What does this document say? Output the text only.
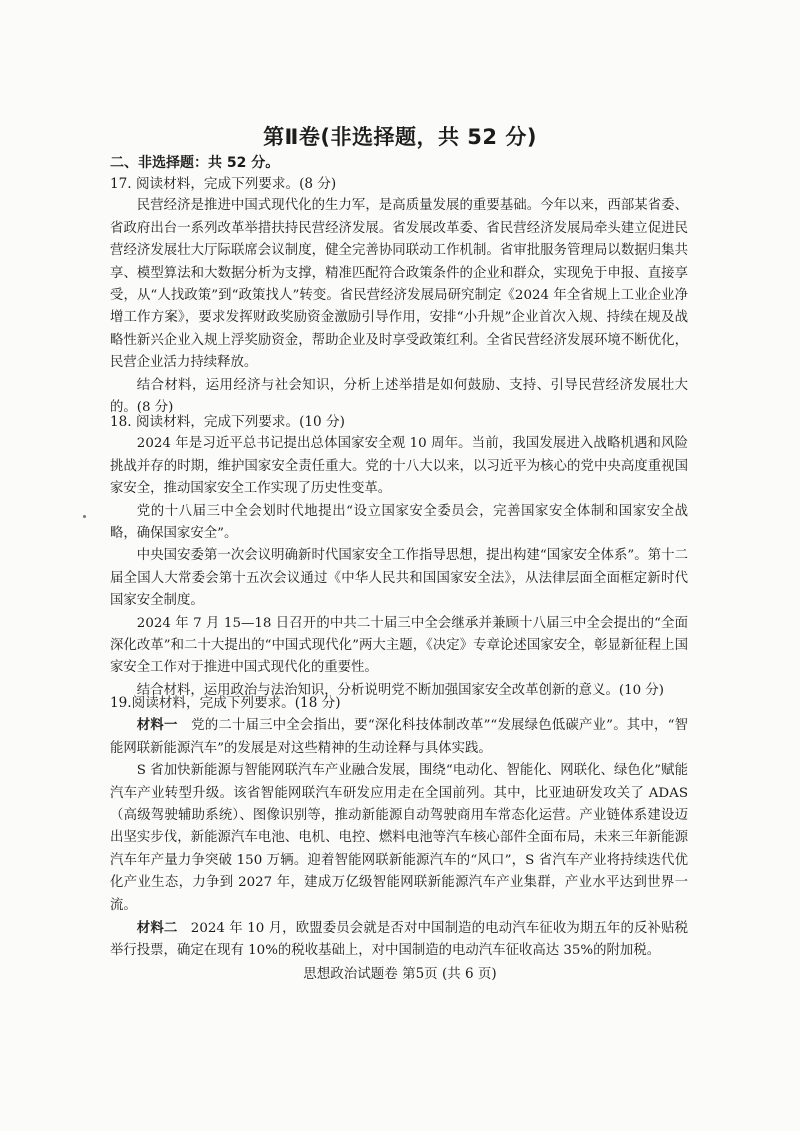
第Ⅱ卷(非选择题，共 52 分)
二、非选择题：共 52 分。

17. 阅读材料，完成下列要求。(8 分)

民营经济是推进中国式现代化的生力军，是高质量发展的重要基础。今年以来，西部某省委、省政府出台一系列改革举措扶持民营经济发展。省发展改革委、省民营经济发展局牵头建立促进民营经济发展壮大厅际联席会议制度，健全完善协同联动工作机制。省审批服务管理局以数据归集共享、模型算法和大数据分析为支撑，精准匹配符合政策条件的企业和群众，实现免于申报、直接享受，从“人找政策”到“政策找人”转变。省民营经济发展局研究制定《2024 年全省规上工业企业净增工作方案》，要求发挥财政奖励资金激励引导作用，安排“小升规”企业首次入规、持续在规及战略性新兴企业入规上浮奖励资金，帮助企业及时享受政策红利。全省民营经济发展环境不断优化，民营企业活力持续释放。

结合材料，运用经济与社会知识，分析上述举措是如何鼓励、支持、引导民营经济发展壮大的。(8 分)

18. 阅读材料，完成下列要求。(10 分)

2024 年是习近平总书记提出总体国家安全观 10 周年。当前，我国发展进入战略机遇和风险挑战并存的时期，维护国家安全责任重大。党的十八大以来，以习近平为核心的党中央高度重视国家安全，推动国家安全工作实现了历史性变革。

党的十八届三中全会划时代地提出“设立国家安全委员会，完善国家安全体制和国家安全战略，确保国家安全”。

中央国安委第一次会议明确新时代国家安全工作指导思想，提出构建“国家安全体系”。第十二届全国人大常委会第十五次会议通过《中华人民共和国国家安全法》，从法律层面全面框定新时代国家安全制度。

2024 年 7 月 15—18 日召开的中共二十届三中全会继承并兼顾十八届三中全会提出的“全面深化改革”和二十大提出的“中国式现代化”两大主题，《决定》专章论述国家安全，彰显新征程上国家安全工作对于推进中国式现代化的重要性。

结合材料，运用政治与法治知识，分析说明党不断加强国家安全改革创新的意义。(10 分)

19.阅读材料，完成下列要求。(18 分)

材料一  党的二十届三中全会指出，要“深化科技体制改革”“发展绿色低碳产业”。其中，“智能网联新能源汽车”的发展是对这些精神的生动诠释与具体实践。

S 省加快新能源与智能网联汽车产业融合发展，围绕“电动化、智能化、网联化、绿色化”赋能汽车产业转型升级。该省智能网联汽车研发应用走在全国前列。其中，比亚迪研发攻关了 ADAS（高级驾驶辅助系统）、图像识别等，推动新能源自动驾驶商用车常态化运营。产业链体系建设迈出坚实步伐，新能源汽车电池、电机、电控、燃料电池等汽车核心部件全面布局，未来三年新能源汽车年产量力争突破 150 万辆。迎着智能网联新能源汽车的“风口”，S 省汽车产业将持续迭代优化产业生态，力争到 2027 年，建成万亿级智能网联新能源汽车产业集群，产业水平达到世界一流。

材料二  2024 年 10 月，欧盟委员会就是否对中国制造的电动汽车征收为期五年的反补贴税举行投票，确定在现有 10%的税收基础上，对中国制造的电动汽车征收高达 35%的附加税。

思想政治试题卷 第5页 (共 6 页)
